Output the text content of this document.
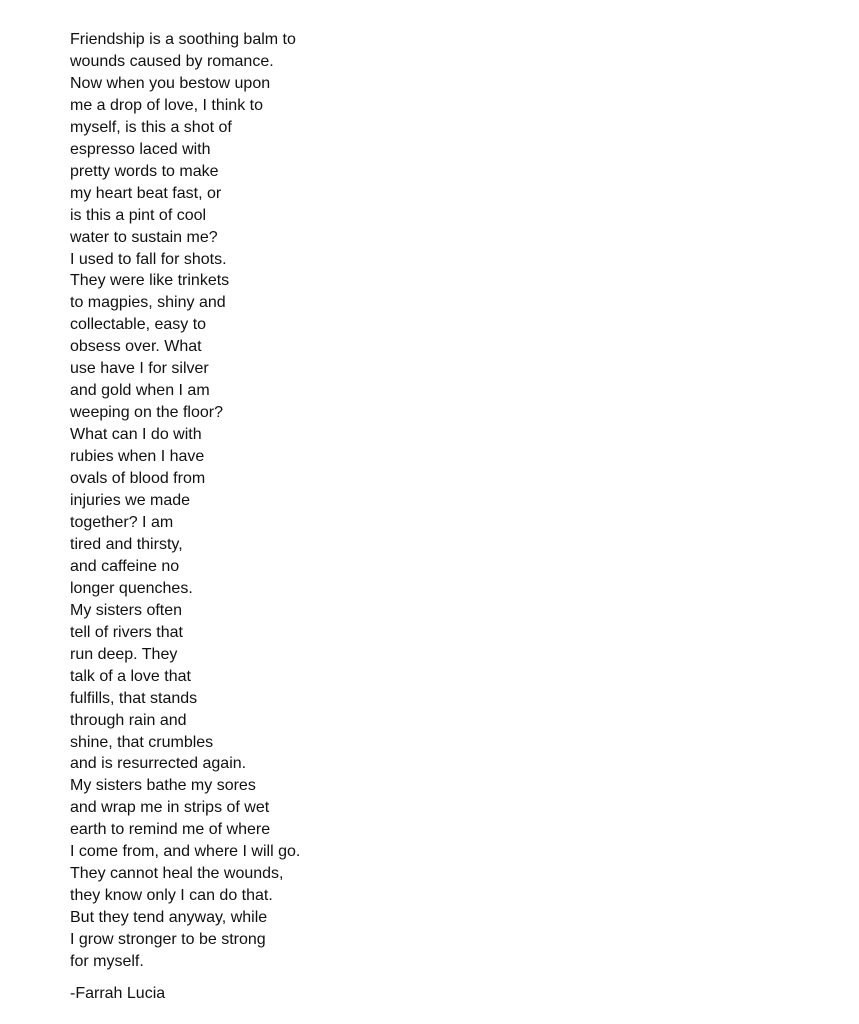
Friendship is a soothing balm to
wounds caused by romance.
Now when you bestow upon
me a drop of love, I think to
myself, is this a shot of
espresso laced with
pretty words to make
my heart beat fast, or
is this a pint of cool
water to sustain me?
I used to fall for shots.
They were like trinkets
to magpies, shiny and
collectable, easy to
obsess over. What
use have I for silver
and gold when I am
weeping on the floor?
What can I do with
rubies when I have
ovals of blood from
injuries we made
together? I am
tired and thirsty,
and caffeine no
longer quenches.
My sisters often
tell of rivers that
run deep. They
talk of a love that
fulfills, that stands
through rain and
shine, that crumbles
and is resurrected again.
My sisters bathe my sores
and wrap me in strips of wet
earth to remind me of where
I come from, and where I will go.
They cannot heal the wounds,
they know only I can do that.
But they tend anyway, while
I grow stronger to be strong
for myself.
-Farrah Lucia
